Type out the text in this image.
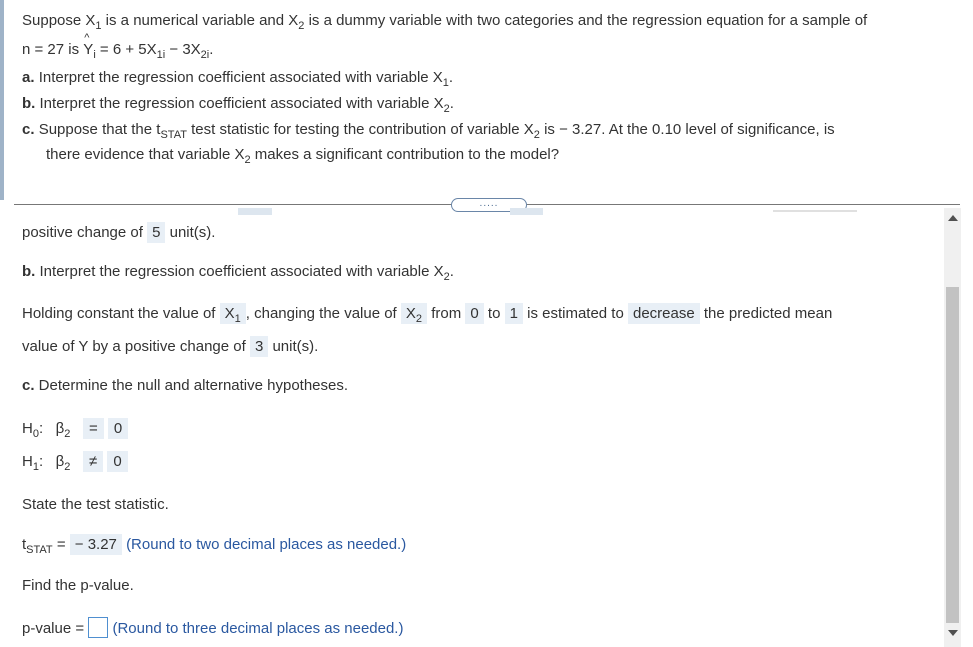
Suppose $X_1$ is a numerical variable and $X_2$ is a dummy variable with two categories and the regression equation for a sample of
n = 27 is
^
$Y_i = 6 + 5X_{1i} - 3X_{2i}$.
a. Interpret the regression coefficient associated with variable $X_1$.
b. Interpret the regression coefficient associated with variable $X_2$.
c. Suppose that the $t_{STAT}$ test statistic for testing the contribution of variable $X_2$ is − 3.27. At the 0.10 level of significance, is
there evidence that variable $X_2$ makes a significant contribution to the model?
.....
positive change of 5 unit(s).
b. Interpret the regression coefficient associated with variable $X_2$.
Holding constant the value of $X_1$ , changing the value of $X_2$ from 0 to 1 is estimated to decrease the predicted mean
value of Y by a positive change of 3 unit(s).
c. Determine the null and alternative hypotheses.
$H_0$: $\beta_2 = 0$
$H_1$: $\beta_2 \ne 0$
State the test statistic.
$t_{STAT}$ = − 3.27 (Round to two decimal places as needed.)
Find the p-value.
p-value =  (Round to three decimal places as needed.)
